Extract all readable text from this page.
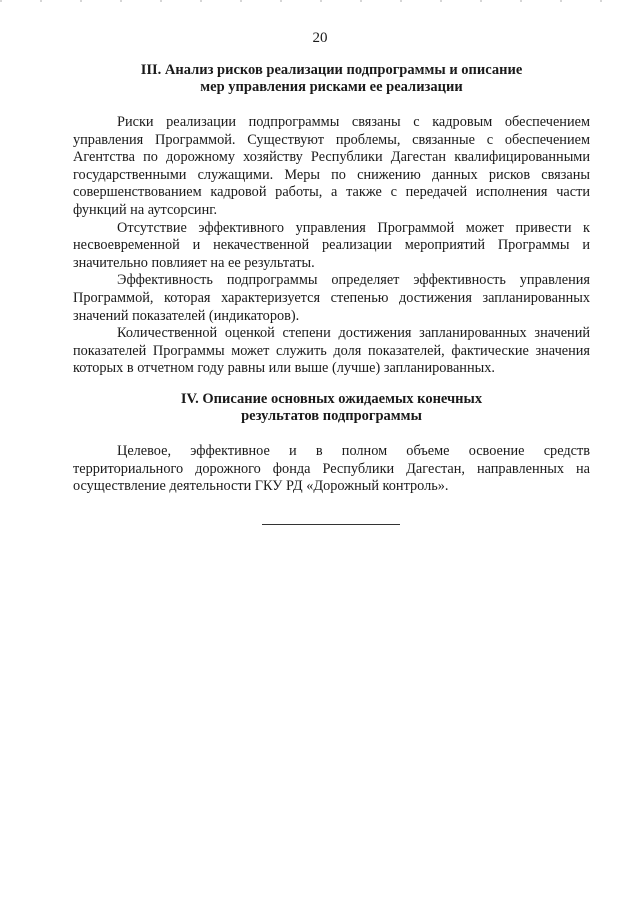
20
III. Анализ рисков реализации подпрограммы и описание
мер управления рисками ее реализации

Риски реализации подпрограммы связаны с кадровым обеспечением управления Программой. Существуют проблемы, связанные с обеспечением Агентства по дорожному хозяйству Республики Дагестан квалифицированными государственными служащими. Меры по снижению данных рисков связаны совершенствованием кадровой работы, а также с передачей исполнения части функций на аутсорсинг.

Отсутствие эффективного управления Программой может привести к несвоевременной и некачественной реализации мероприятий Программы и значительно повлияет на ее результаты.

Эффективность подпрограммы определяет эффективность управления Программой, которая характеризуется степенью достижения запланированных значений показателей (индикаторов).

Количественной оценкой степени достижения запланированных значений показателей Программы может служить доля показателей, фактические значения которых в отчетном году равны или выше (лучше) запланированных.

IV. Описание основных ожидаемых конечных
результатов подпрограммы

Целевое, эффективное и в полном объеме освоение средств территориального дорожного фонда Республики Дагестан, направленных на осуществление деятельности ГКУ РД «Дорожный контроль».
